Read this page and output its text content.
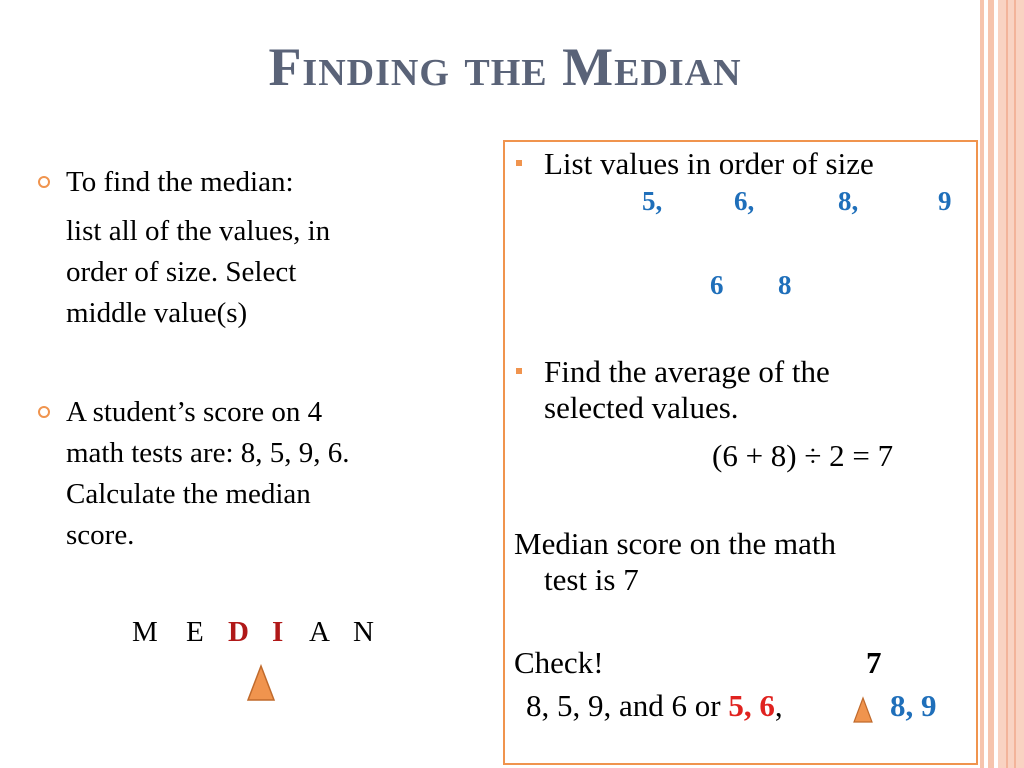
Finding the Median
To find the median:
list all of the values, in
order of size. Select
middle value(s)
A student’s score on 4
math tests are: 8, 5, 9, 6.
Calculate the median
score.
M E D I A N
List values in order of size
5,	6,	8,	9
6 8
Find the average of the
selected values.
(6 + 8) ÷ 2 = 7
Median score on the math
test is 7
Check!	7
8, 5, 9, and 6 or 5, 6,	8, 9
